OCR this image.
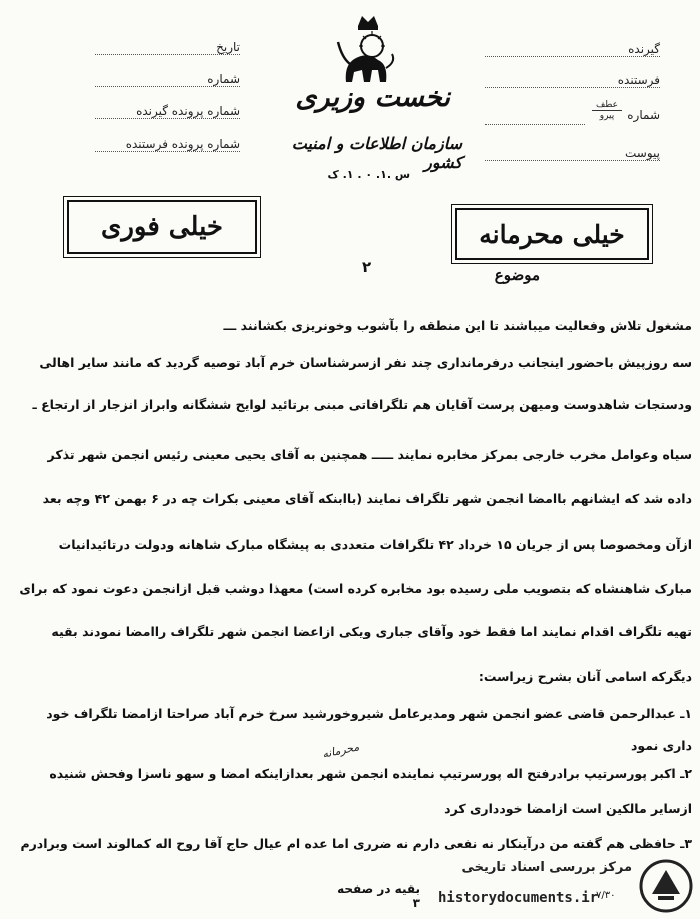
تاریخ
شماره
شماره پرونده گیرنده
شماره پرونده فرستنده
گیرنده
فرستنده
شماره
عطف
پیرو
پیوست
نخست وزیری
سازمان اطلاعات و امنیت کشور
س .۱. ۰ . ۱. ک
خیلی فوری	خیلی محرمانه
۲	موضوع
مشغول تلاش وفعالیت میباشند تا این منطقه را بآشوب وخونریزی بکشانند ـــ
سه روزپیش باحضور اینجانب درفرمانداری چند نفر ازسرشناسان خرم آباد توصیه گردید که مانند سایر اهالی
ودستجات شاهدوست ومیهن پرست آقایان هم تلگرافاتی مبنی برتائید لوایح ششگانه وابراز انزجار از ارتجاع ـ
سیاه وعوامل مخرب خارجی بمرکز مخابره نمایند ـــــ همچنین به آقای یحیی معینی رئیس انجمن شهر تذکر
داده شد که ایشانهم باامضا انجمن شهر تلگراف نمایند (باابنکه آقای معینی بکرات چه در ۶ بهمن ۴۲ وچه بعد
ازآن ومخصوصا پس از جریان ۱۵ خرداد ۴۲ تلگرافات متعددی به پیشگاه مبارک شاهانه ودولت درتائیدانیات
مبارک شاهنشاه که بتصویب ملی رسیده بود مخابره کرده است) معهذا دوشب قبل ازانجمن دعوت نمود که برای
تهیه تلگراف اقدام نمایند اما فقط خود وآقای جباری ویکی ازاعضا انجمن شهر تلگراف راامضا نمودند بقیه
دیگرکه اسامی آنان بشرح زیراست:
۱ـ عبدالرحمن قاضی عضو انجمن شهر ومدیرعامل شیروخورشید سرخ خرم آباد صراحتا ازامضا تلگراف خود
داری نمود
۲ـ اکبر پورسرتیپ برادرفتح اله پورسرتیپ نماینده انجمن شهر بعدازاینکه امضا و سهو ناسزا وفحش شنیده
ازسایر مالکین است ازامضا خودداری کرد
۳ـ حافظی هم گفته من درآینکار نه نفعی دارم نه ضرری اما عده ام عیال حاج آقا روح اله کمالوند است وبرادرم
محرمانه
بقیه در صفحه ۳
۷/۳۰
مرکز بررسی اسناد تاریخی
historydocuments.ir
